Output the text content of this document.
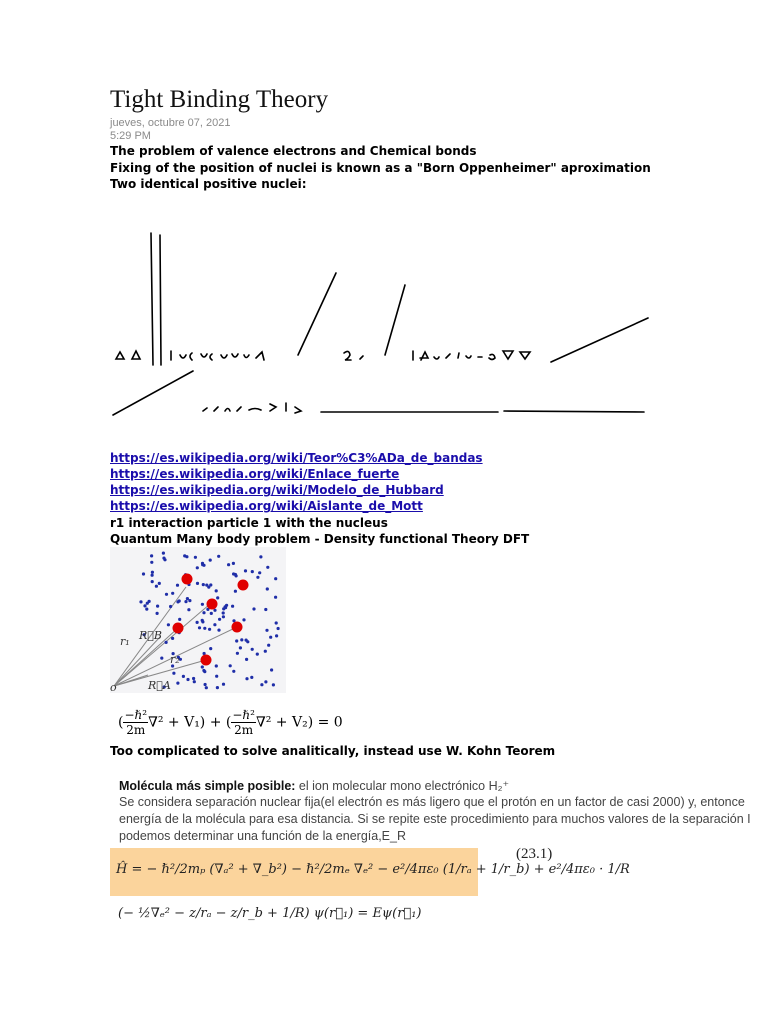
Tight Binding Theory
jueves, octubre 07, 2021
5:29 PM
The problem of valence electrons and Chemical bonds
Fixing of the position of nuclei is known as a "Born Oppenheimer" aproximation
Two identical positive nuclei:
https://es.wikipedia.org/wiki/Teor%C3%ADa_de_bandas
https://es.wikipedia.org/wiki/Enlace_fuerte
https://es.wikipedia.org/wiki/Modelo_de_Hubbard
https://es.wikipedia.org/wiki/Aislante_de_Mott
r1 interaction particle 1 with the nucleus
Quantum Many body problem - Density functional Theory DFT
r₁ R⃗B
r₂
R⃗A
o
( $\frac{\text{−ℏ²}}{2m} \nabla^2 + V_1$) + ( $\frac{\text{−ℏ²}}{2m} \nabla^2 + V_2) = 0$
Too complicated to solve analitically, instead use W. Kohn Teorem
Molécula más simple posible: el ion molecular mono electrónico H₂⁺
Se considera separación nuclear fija(el electrón es más ligero que el protón en un factor de casi 2000) y, entonce
energía de la molécula para esa distancia. Si se repite este procedimiento para muchos valores de la separación I
podemos determinar una función de la energía,E_R
Ĥ = − ℏ²/2mₚ (∇ₐ² + ∇_b²) − ℏ²/2mₑ ∇ₑ² − e²/4πε₀ (1/rₐ + 1/r_b) + e²/4πε₀ · 1/R
(23.1)
(− ½∇ₑ² − z/rₐ − z/r_b + 1/R) ψ(r⃗₁) = Eψ(r⃗₁)
